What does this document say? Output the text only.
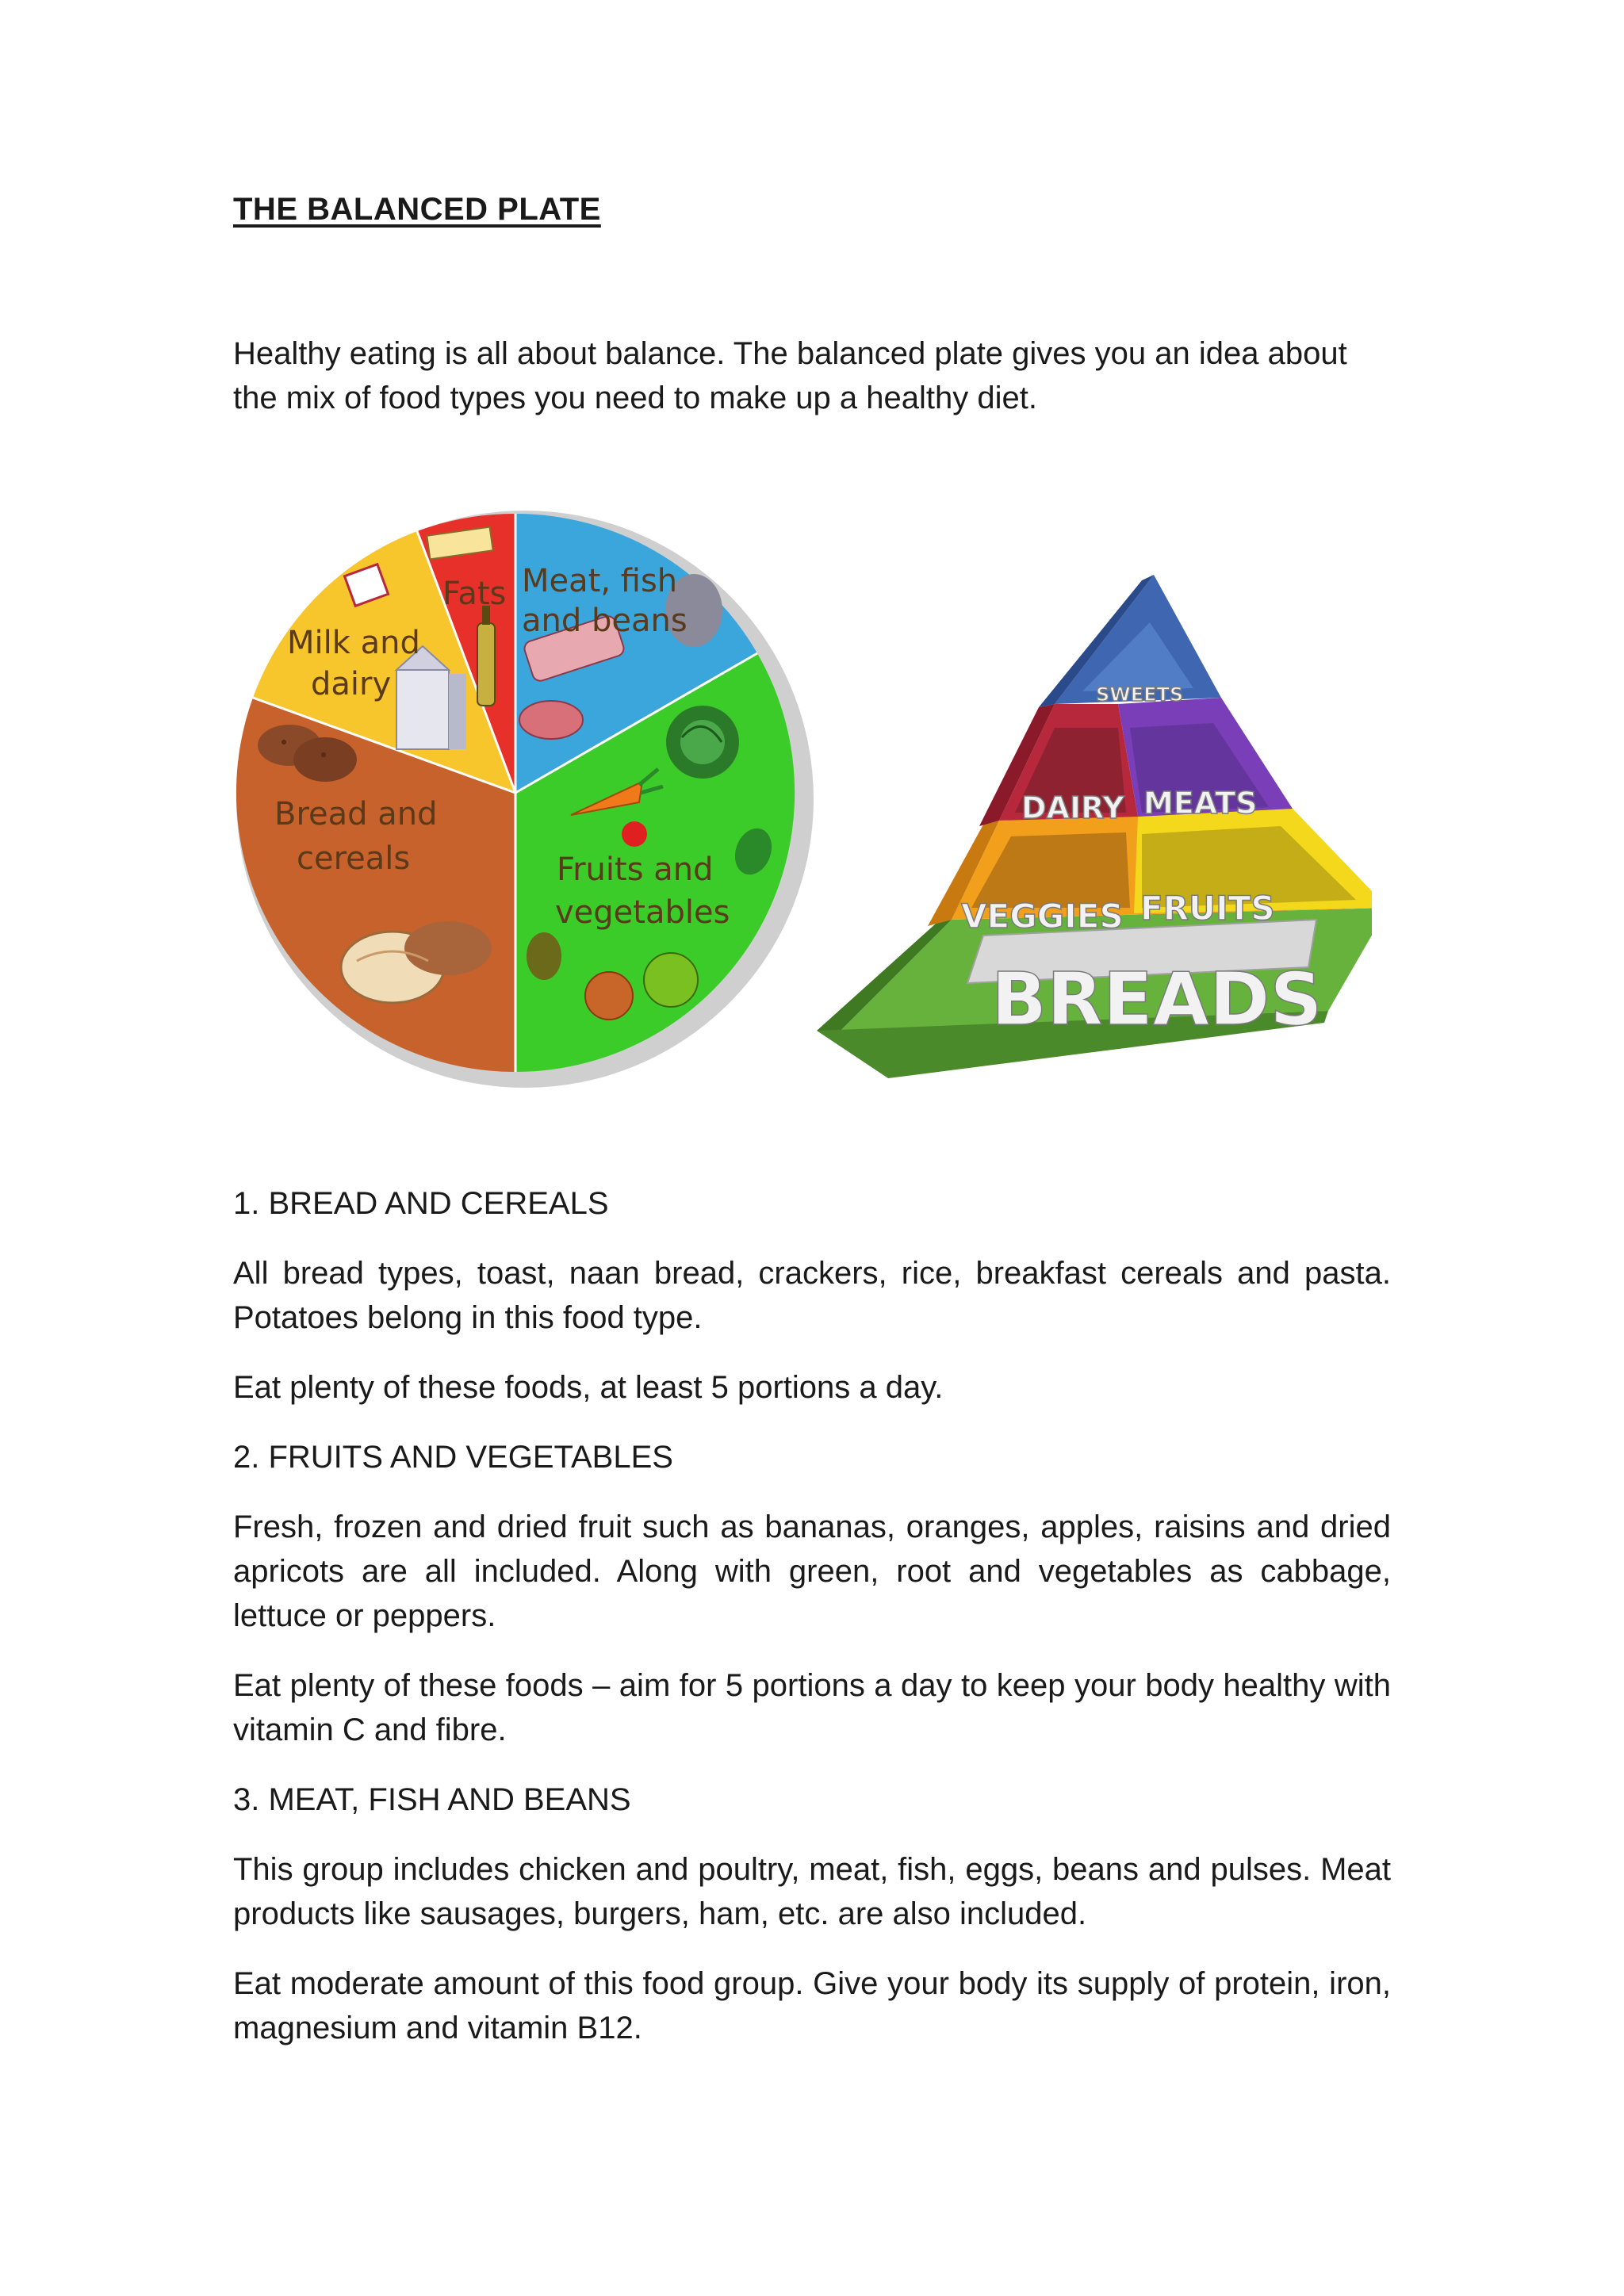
THE BALANCED PLATE
Healthy eating is all about balance. The balanced plate gives you an idea about the mix of food types you need to make up a healthy diet.
Fats Meat, fish
and beans
Milk and
dairy
Bread and
cereals	Fruits and
vegetables
SWEETS
DAIRY MEATS
VEGGIES FRUITS
BREADS
1. BREAD AND CEREALS
All bread types, toast, naan bread, crackers, rice, breakfast cereals and pasta. Potatoes belong in this food type.
Eat plenty of these foods, at least 5 portions a day.
2. FRUITS AND VEGETABLES
Fresh, frozen and dried fruit such as bananas, oranges, apples, raisins and dried apricots are all included. Along with green, root and vegetables as cabbage, lettuce or peppers.
Eat plenty of these foods – aim for 5 portions a day to keep your body healthy with vitamin C and fibre.
3. MEAT, FISH AND BEANS
This group includes chicken and poultry, meat, fish, eggs, beans and pulses. Meat products like sausages, burgers, ham, etc. are also included.
Eat moderate amount of this food group. Give your body its supply of protein, iron, magnesium and vitamin B12.
